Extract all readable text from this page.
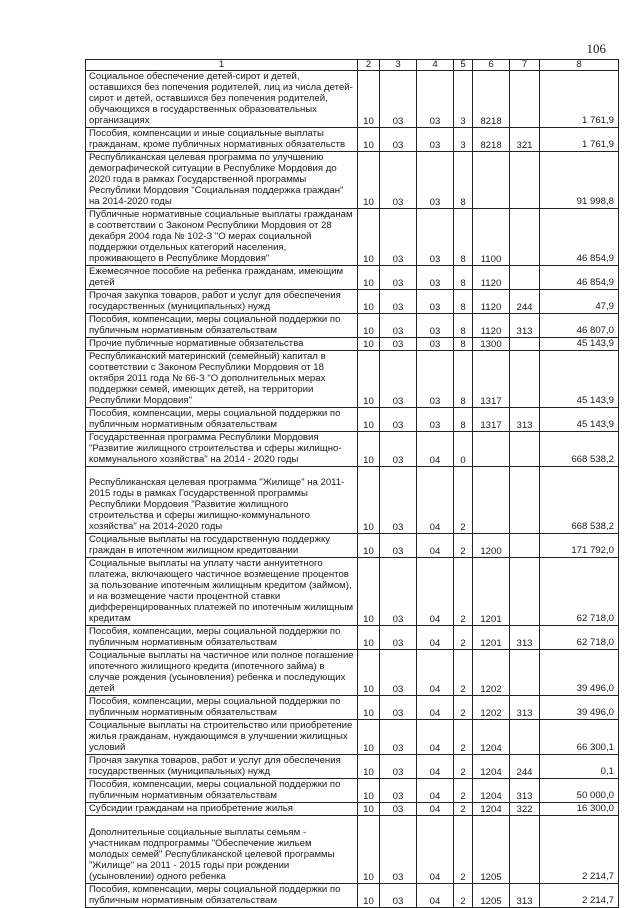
106
1	2	3	4	5	6	7	8
Социальное обеспечение детей-сирот и детей, оставшихся без попечения родителей, лиц из числа детей-сирот и детей, оставшихся без попечения родителей, обучающихся в государственных образовательных организациях	10	03	03	3	8218		1 761,9
Пособия, компенсации и иные социальные выплаты гражданам, кроме публичных нормативных обязательств	10	03	03	3	8218	321	1 761,9
Республиканская целевая программа по улучшению демографической ситуации в Республике Мордовия до 2020 года в рамках Государственной программы Республики Мордовия "Социальная поддержка граждан" на 2014-2020 годы	10	03	03	8			91 998,8
Публичные нормативные социальные выплаты гражданам в соответствии с Законом Республики Мордовия от 28 декабря 2004 года № 102-З "О мерах социальной поддержки отдельных категорий населения, проживающего в Республике Мордовия"	10	03	03	8	1100		46 854,9
Ежемесячное пособие на ребенка гражданам, имеющим детей	10	03	03	8	1120		46 854,9
Прочая закупка товаров, работ и услуг для обеспечения государственных (муниципальных) нужд	10	03	03	8	1120	244	47,9
Пособия, компенсации, меры социальной поддержки по публичным нормативным обязательствам	10	03	03	8	1120	313	46 807,0
Прочие публичные нормативные обязательства	10	03	03	8	1300		45 143,9
Республиканский материнский (семейный) капитал в соответствии с Законом Республики Мордовия от 18 октября 2011 года № 66-З "О дополнительных мерах поддержки семей, имеющих детей, на территории Республики Мордовия"	10	03	03	8	1317		45 143,9
Пособия, компенсации, меры социальной поддержки по публичным нормативным обязательствам	10	03	03	8	1317	313	45 143,9
Государственная программа Республики Мордовия "Развитие жилищного строительства и сферы жилищно-коммунального хозяйства" на 2014 - 2020 годы	10	03	04	0			668 538,2
Республиканская целевая программа "Жилище" на 2011-2015 годы в рамках Государственной программы Республики Мордовия "Развитие жилищного строительства и сферы жилищно-коммунального хозяйства" на 2014-2020 годы	10	03	04	2			668 538,2
Социальные выплаты на государственную поддержку граждан в ипотечном жилищном кредитовании	10	03	04	2	1200		171 792,0
Социальные выплаты на уплату части аннуитетного платежа, включающего частичное возмещение процентов за пользование ипотечным жилищным кредитом (займом), и на возмещение части процентной ставки дифференцированных платежей по ипотечным жилищным кредитам	10	03	04	2	1201		62 718,0
Пособия, компенсации, меры социальной поддержки по публичным нормативным обязательствам	10	03	04	2	1201	313	62 718,0
Социальные выплаты на частичное или полное погашение ипотечного жилищного кредита (ипотечного займа) в случае рождения (усыновления) ребенка и последующих детей	10	03	04	2	1202		39 496,0
Пособия, компенсации, меры социальной поддержки по публичным нормативным обязательствам	10	03	04	2	1202	313	39 496,0
Социальные выплаты на строительство или приобретение жилья гражданам, нуждающимся в улучшении жилищных условий	10	03	04	2	1204		66 300,1
Прочая закупка товаров, работ и услуг для обеспечения государственных (муниципальных) нужд	10	03	04	2	1204	244	0,1
Пособия, компенсации, меры социальной поддержки по публичным нормативным обязательствам	10	03	04	2	1204	313	50 000,0
Субсидии гражданам на приобретение жилья	10	03	04	2	1204	322	16 300,0
Дополнительные социальные выплаты семьям - участникам подпрограммы "Обеспечение жильем молодых семей" Республиканской целевой программы "Жилище" на 2011 - 2015 годы при рождении (усыновлении) одного ребенка	10	03	04	2	1205		2 214,7
Пособия, компенсации, меры социальной поддержки по публичным нормативным обязательствам	10	03	04	2	1205	313	2 214,7
